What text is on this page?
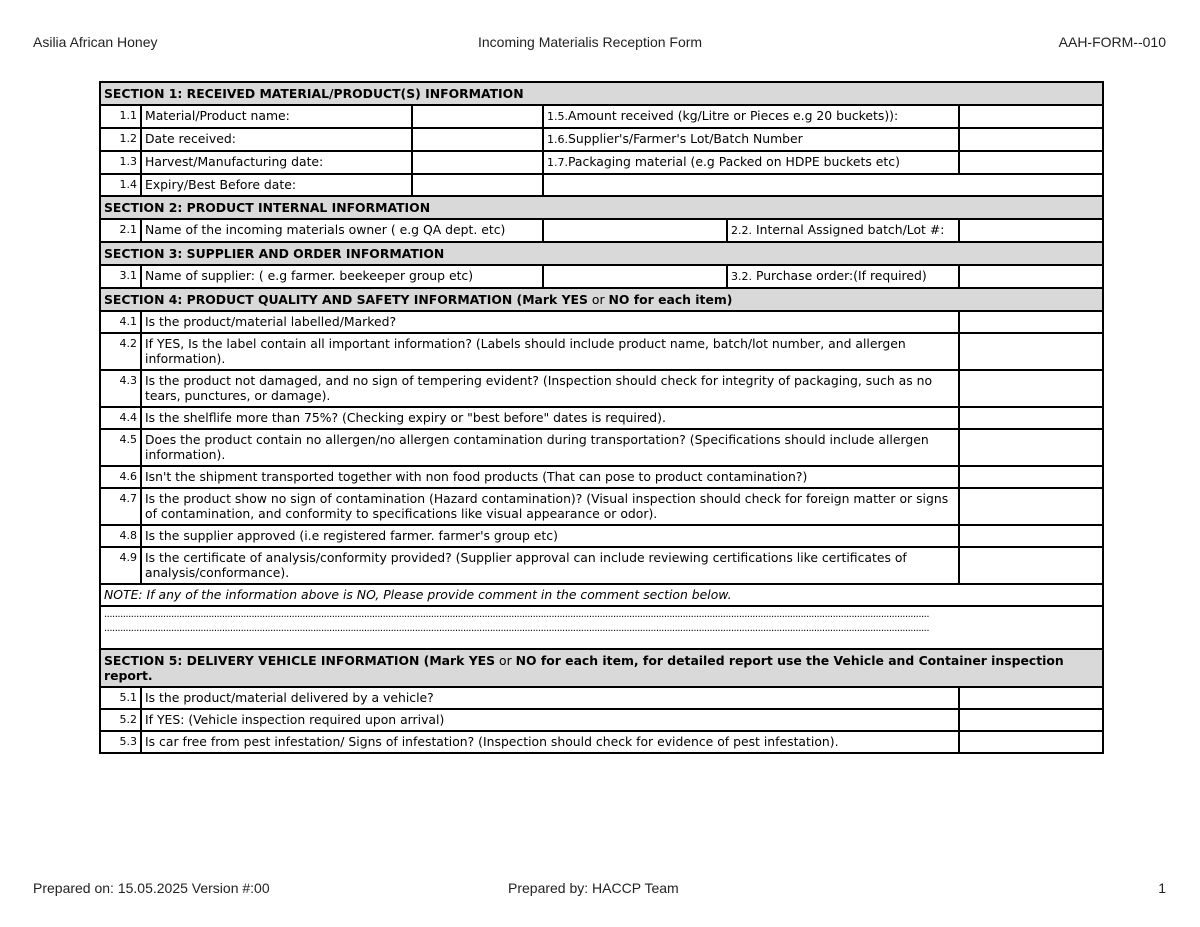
Asilia African Honey	Incoming Materialis Reception Form	AAH-FORM--010
SECTION 1: RECEIVED MATERIAL/PRODUCT(S) INFORMATION					
1.1	Material/Product name:		1.5.Amount received (kg/Litre or Pieces e.g 20 buckets)):		
1.2	Date received:		1.6.Supplier's/Farmer's Lot/Batch Number		
1.3	Harvest/Manufacturing date:		1.7.Packaging material (e.g Packed on HDPE buckets etc)		
1.4	Expiry/Best Before date:				
SECTION 2: PRODUCT INTERNAL INFORMATION					
2.1	Name of the incoming materials owner ( e.g QA dept. etc)			2.2. Internal Assigned batch/Lot #:	
SECTION 3: SUPPLIER AND ORDER INFORMATION					
3.1	Name of supplier: ( e.g farmer. beekeeper group etc)			3.2. Purchase order:(If required)	
SECTION 4: PRODUCT QUALITY AND SAFETY INFORMATION (Mark YES or NO for each item)					
4.1	Is the product/material labelled/Marked?				
4.2	If YES, Is the label contain all important information? (Labels should include product name, batch/lot number, and allergen information).				
4.3	Is the product not damaged, and no sign of tempering evident? (Inspection should check for integrity of packaging, such as no tears, punctures, or damage).				
4.4	Is the shelflife more than 75%? (Checking expiry or "best before" dates is required).				
4.5	Does the product contain no allergen/no allergen contamination during transportation? (Specifications should include allergen information).				
4.6	Isn't the shipment transported together with non food products (That can pose to product contamination?)				
4.7	Is the product show no sign of contamination (Hazard contamination)? (Visual inspection should check for foreign matter or signs of contamination, and conformity to specifications like visual appearance or odor).				
4.8	Is the supplier approved (i.e registered farmer. farmer's group etc)				
4.9	Is the certificate of analysis/conformity provided? (Supplier approval can include reviewing certifications like certificates of analysis/conformance).				
NOTE: If any of the information above is NO, Please provide comment in the comment section below.					

....................................................................................................................................................................................................................................................................................................................
....................................................................................................................................................................................................................................................................................................................					

SECTION 5: DELIVERY VEHICLE INFORMATION (Mark YES or NO for each item, for detailed report use the Vehicle and Container inspection report.					
5.1	Is the product/material delivered by a vehicle?				
5.2	If YES: (Vehicle inspection required upon arrival)				
5.3	Is car free from pest infestation/ Signs of infestation? (Inspection should check for evidence of pest infestation).				
Prepared on: 15.05.2025 Version #:00	Prepared by: HACCP Team	1
